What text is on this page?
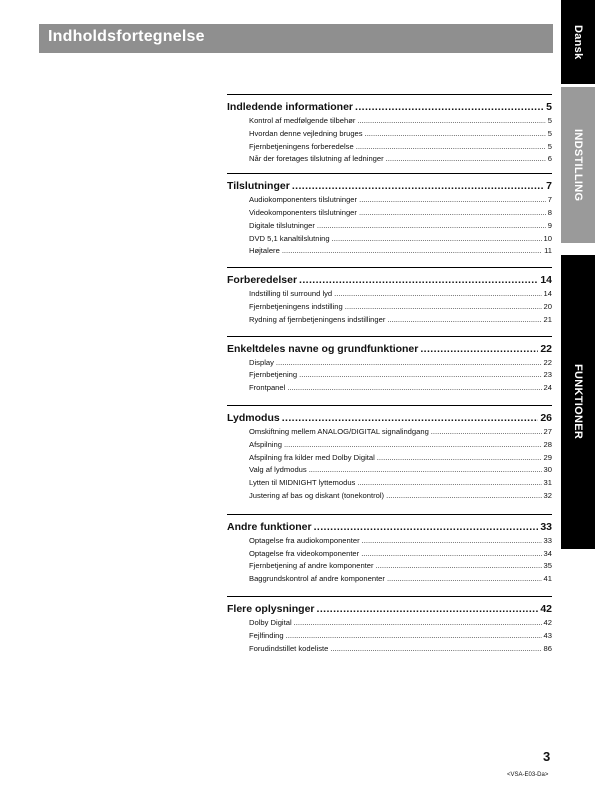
Indholdsfortegnelse	Dansk
INDSTILLING
FUNKTIONER
Indledende informationer .....	5
Kontrol af medfølgende tilbehør .....	5
Hvordan denne vejledning bruges .....	5
Fjernbetjeningens forberedelse .....	5
Når der foretages tilslutning af ledninger .....	6
Tilslutninger .....	7
Audiokomponenters tilslutninger .....	7
Videokomponenters tilslutninger .....	8
Digitale tilslutninger .....	9
DVD 5,1 kanaltilslutning .....	10
Højtalere .....	11
Forberedelser .....	14
Indstilling til surround lyd .....	14
Fjernbetjeningens indstilling .....	20
Rydning af fjernbetjeningens indstillinger .....	21
Enkeltdeles navne og grundfunktioner .....	22
Display .....	22
Fjernbetjening .....	23
Frontpanel .....	24
Lydmodus .....	26
Omskiftning mellem ANALOG/DIGITAL signalindgang .....	27
Afspilning .....	28
Afspilning fra kilder med Dolby Digital .....	29
Valg af lydmodus .....	30
Lytten til MIDNIGHT lyttemodus .....	31
Justering af bas og diskant (tonekontrol) .....	32
Andre funktioner .....	33
Optagelse fra audiokomponenter .....	33
Optagelse fra videokomponenter .....	34
Fjernbetjening af andre komponenter .....	35
Baggrundskontrol af andre komponenter .....	41
Flere oplysninger .....	42
Dolby Digital .....	42
Fejlfinding .....	43
Forudindstillet kodeliste .....	86
3
<VSA-E03-Da>
